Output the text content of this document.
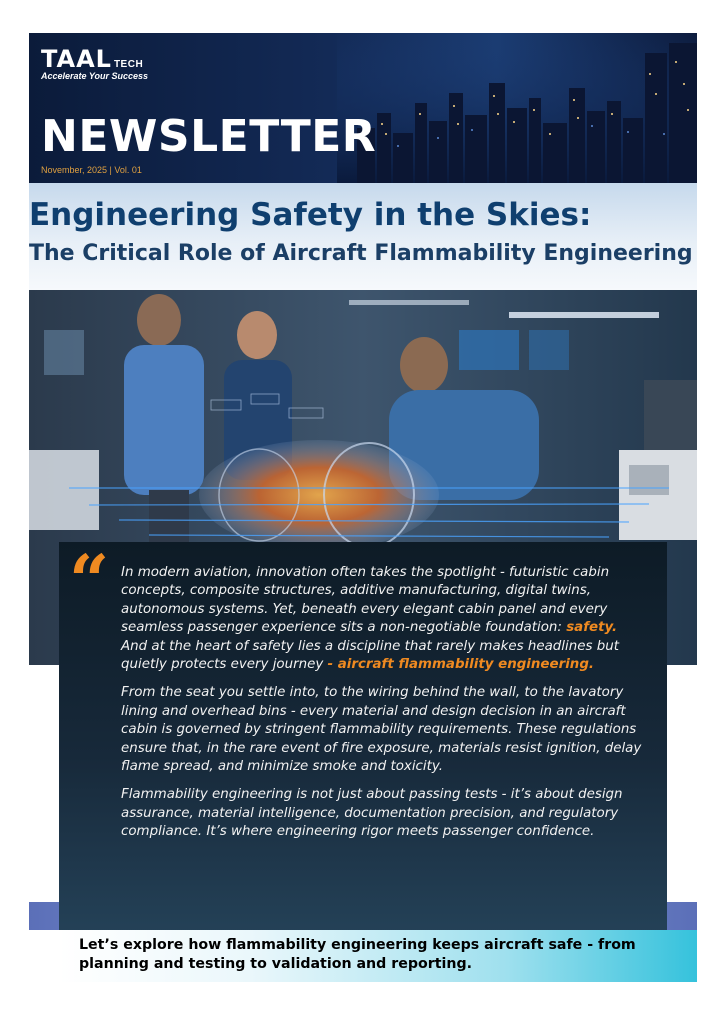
TAAL TECH
Accelerate Your Success
NEWSLETTER
November, 2025 | Vol. 01
Engineering Safety in the Skies:
The Critical Role of Aircraft Flammability Engineering
“ In modern aviation, innovation often takes the spotlight - futuristic cabin concepts, composite structures, additive manufacturing, digital twins, autonomous systems. Yet, beneath every elegant cabin panel and every seamless passenger experience sits a non-negotiable foundation: safety. And at the heart of safety lies a discipline that rarely makes headlines but quietly protects every journey - aircraft flammability engineering.

From the seat you settle into, to the wiring behind the wall, to the lavatory lining and overhead bins - every material and design decision in an aircraft cabin is governed by stringent flammability requirements. These regulations ensure that, in the rare event of fire exposure, materials resist ignition, delay flame spread, and minimize smoke and toxicity.

Flammability engineering is not just about passing tests - it’s about design assurance, material intelligence, documentation precision, and regulatory compliance. It’s where engineering rigor meets passenger confidence.

Let’s explore how flammability engineering keeps aircraft safe - from planning and testing to validation and reporting.
